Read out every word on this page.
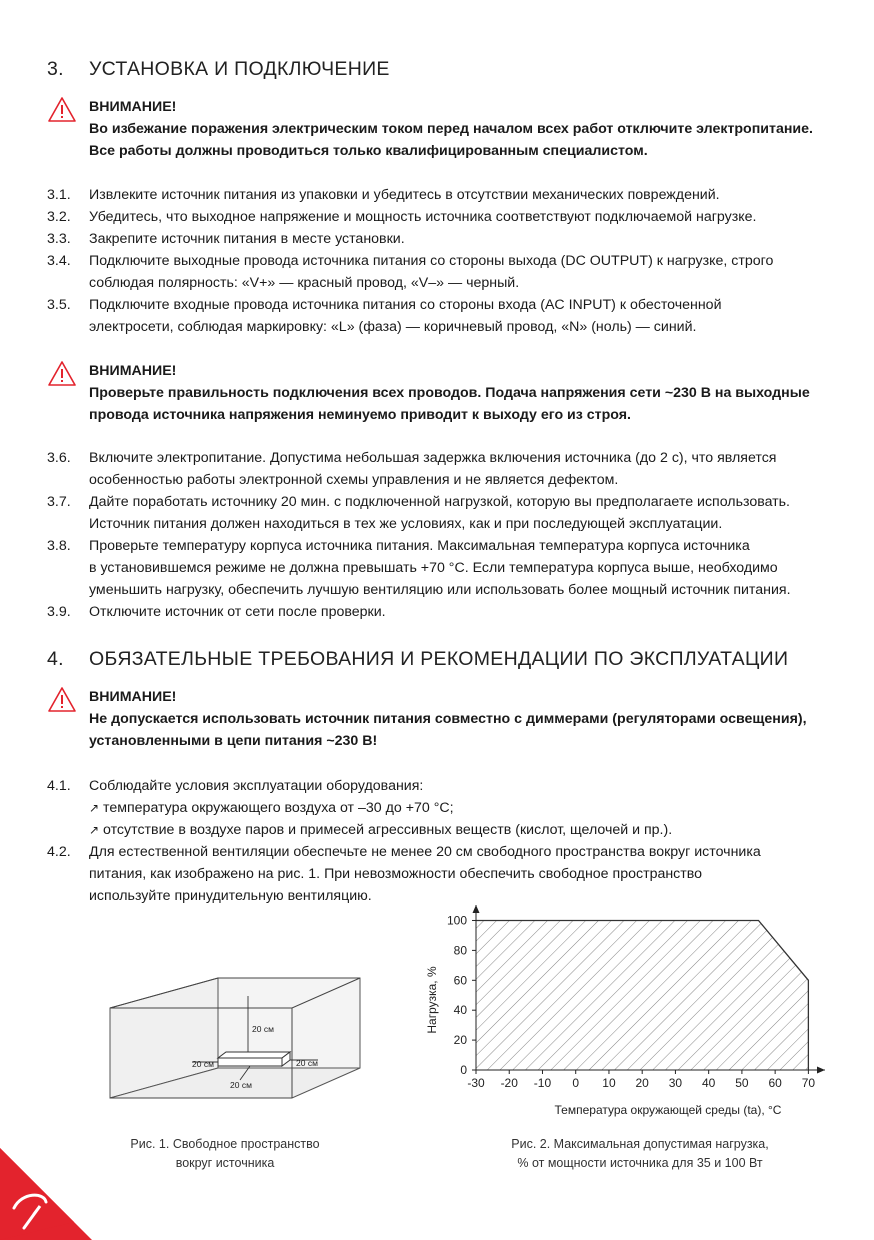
3. УСТАНОВКА И ПОДКЛЮЧЕНИЕ
ВНИМАНИЕ!
Во избежание поражения электрическим током перед началом всех работ отключите электропитание.
Все работы должны проводиться только квалифицированным специалистом.
3.1. Извлеките источник питания из упаковки и убедитесь в отсутствии механических повреждений.
3.2. Убедитесь, что выходное напряжение и мощность источника соответствуют подключаемой нагрузке.
3.3. Закрепите источник питания в месте установки.
3.4. Подключите выходные провода источника питания со стороны выхода (DC OUTPUT) к нагрузке, строго
соблюдая полярность: «V+» — красный провод, «V–» — черный.
3.5. Подключите входные провода источника питания со стороны входа (AC INPUT) к обесточенной
электросети, соблюдая маркировку: «L» (фаза) — коричневый провод, «N» (ноль) — синий.
ВНИМАНИЕ!
Проверьте правильность подключения всех проводов. Подача напряжения сети ~230 В на выходные
провода источника напряжения неминуемо приводит к выходу его из строя.
3.6. Включите электропитание. Допустима небольшая задержка включения источника (до 2 с), что является
особенностью работы электронной схемы управления и не является дефектом.
3.7. Дайте поработать источнику 20 мин. с подключенной нагрузкой, которую вы предполагаете использовать.
Источник питания должен находиться в тех же условиях, как и при последующей эксплуатации.
3.8. Проверьте температуру корпуса источника питания. Максимальная температура корпуса источника
в установившемся режиме не должна превышать +70 °C. Если температура корпуса выше, необходимо
уменьшить нагрузку, обеспечить лучшую вентиляцию или использовать более мощный источник питания.
3.9. Отключите источник от сети после проверки.
4. ОБЯЗАТЕЛЬНЫЕ ТРЕБОВАНИЯ И РЕКОМЕНДАЦИИ ПО ЭКСПЛУАТАЦИИ
ВНИМАНИЕ!
Не допускается использовать источник питания совместно с диммерами (регуляторами освещения),
установленными в цепи питания ~230 В!
4.1. Соблюдайте условия эксплуатации оборудования:
↗ температура окружающего воздуха от –30 до +70 °C;
↗ отсутствие в воздухе паров и примесей агрессивных веществ (кислот, щелочей и пр.).
4.2. Для естественной вентиляции обеспечьте не менее 20 см свободного пространства вокруг источника
питания, как изображено на рис. 1. При невозможности обеспечить свободное пространство
используйте принудительную вентиляцию.
20 см
20 см	20 см
20 см
Рис. 1. Свободное пространство
вокруг источника
-30 -20 -10 0 10 20 30 40 50 60 70
0
20
40
60
80
100
Температура окружающей среды (ta), °C
Нагрузка, %
Рис. 2. Максимальная допустимая нагрузка,
% от мощности источника для 35 и 100 Вт
